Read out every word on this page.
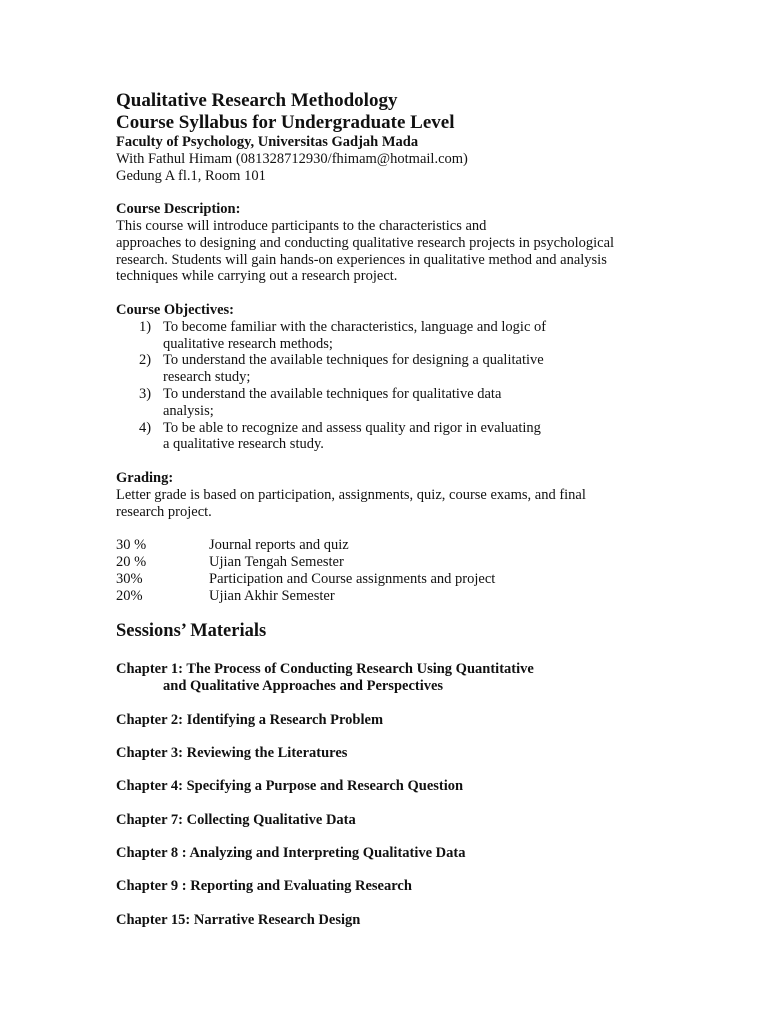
Qualitative Research Methodology

Course Syllabus for Undergraduate Level

Faculty of Psychology, Universitas Gadjah Mada

With Fathul Himam (081328712930/fhimam@hotmail.com)

Gedung A fl.1, Room 101

Course Description:

This course will introduce participants to the characteristics and

approaches to designing and conducting qualitative research projects in psychological

research. Students will gain hands-on experiences in qualitative method and analysis

techniques while carrying out a research project.

Course Objectives:

1) To become familiar with the characteristics, language and logic of
qualitative research methods;
2) To understand the available techniques for designing a qualitative
research study;
3) To understand the available techniques for qualitative data
analysis;
4) To be able to recognize and assess quality and rigor in evaluating
a qualitative research study.

Grading:

Letter grade is based on participation, assignments, quiz, course exams, and final

research project.

30 %	Journal reports and quiz
20 %	Ujian Tengah Semester
30%	Participation and Course assignments and project
20%	Ujian Akhir Semester

Sessions’ Materials

Chapter 1: The Process of Conducting Research Using Quantitative
and Qualitative Approaches and Perspectives
Chapter 2: Identifying a Research Problem
Chapter 3: Reviewing the Literatures
Chapter 4: Specifying a Purpose and Research Question
Chapter 7: Collecting Qualitative Data
Chapter 8 : Analyzing and Interpreting Qualitative Data
Chapter 9 : Reporting and Evaluating Research
Chapter 15: Narrative Research Design
